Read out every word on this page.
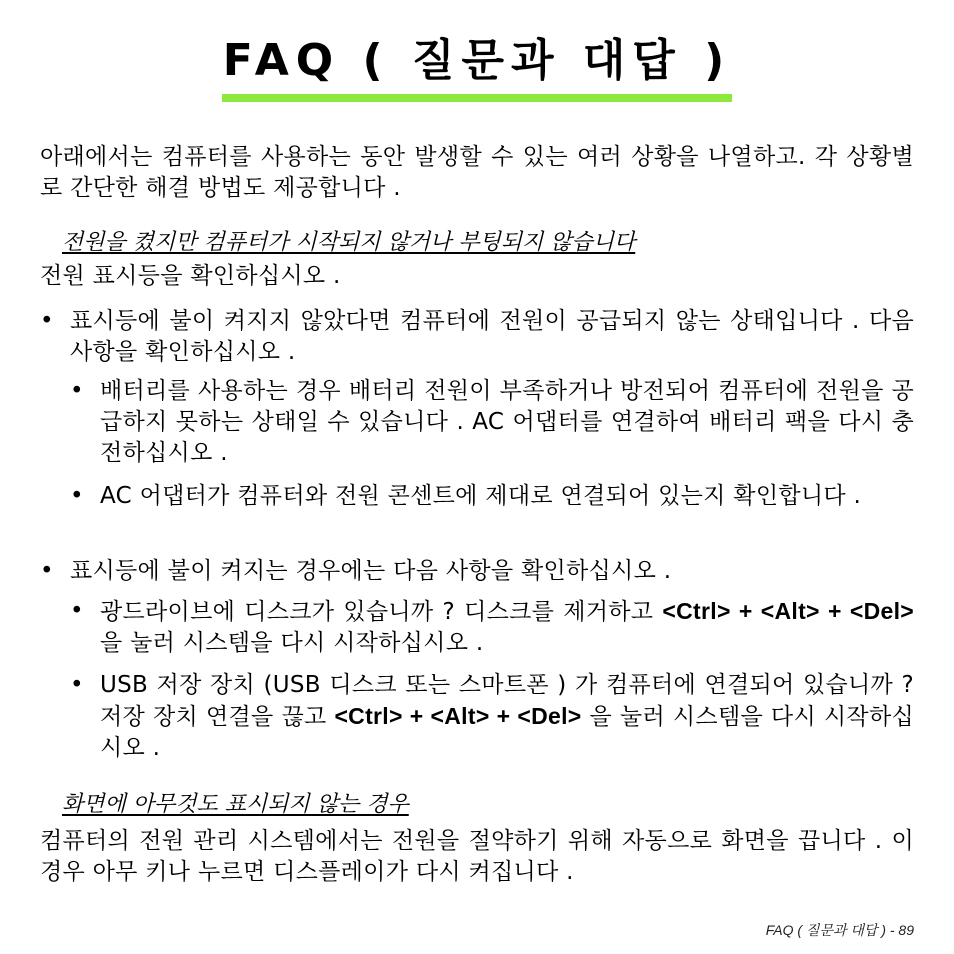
FAQ ( 질문과 대답 )

아래에서는 컴퓨터를 사용하는 동안 발생할 수 있는 여러 상황을 나열하고. 각 상황별로 간단한 해결 방법도 제공합니다 .

전원을 켰지만 컴퓨터가 시작되지 않거나 부팅되지 않습니다

전원 표시등을 확인하십시오 .

• 표시등에 불이 켜지지 않았다면 컴퓨터에 전원이 공급되지 않는 상태입니다 . 다음 사항을 확인하십시오 .

• 배터리를 사용하는 경우 배터리 전원이 부족하거나 방전되어 컴퓨터에 전원을 공급하지 못하는 상태일 수 있습니다 . AC 어댑터를 연결하여 배터리 팩을 다시 충전하십시오 .

• AC 어댑터가 컴퓨터와 전원 콘센트에 제대로 연결되어 있는지 확인합니다 .

• 표시등에 불이 켜지는 경우에는 다음 사항을 확인하십시오 .

• 광드라이브에 디스크가 있습니까 ? 디스크를 제거하고 <Ctrl> + <Alt> + <Del> 을 눌러 시스템을 다시 시작하십시오 .

• USB 저장 장치 (USB 디스크 또는 스마트폰 ) 가 컴퓨터에 연결되어 있습니까 ? 저장 장치 연결을 끊고 <Ctrl> + <Alt> + <Del> 을 눌러 시스템을 다시 시작하십시오 .

화면에 아무것도 표시되지 않는 경우

컴퓨터의 전원 관리 시스템에서는 전원을 절약하기 위해 자동으로 화면을 끕니다 . 이 경우 아무 키나 누르면 디스플레이가 다시 켜집니다 .

FAQ ( 질문과 대답 ) - 89
